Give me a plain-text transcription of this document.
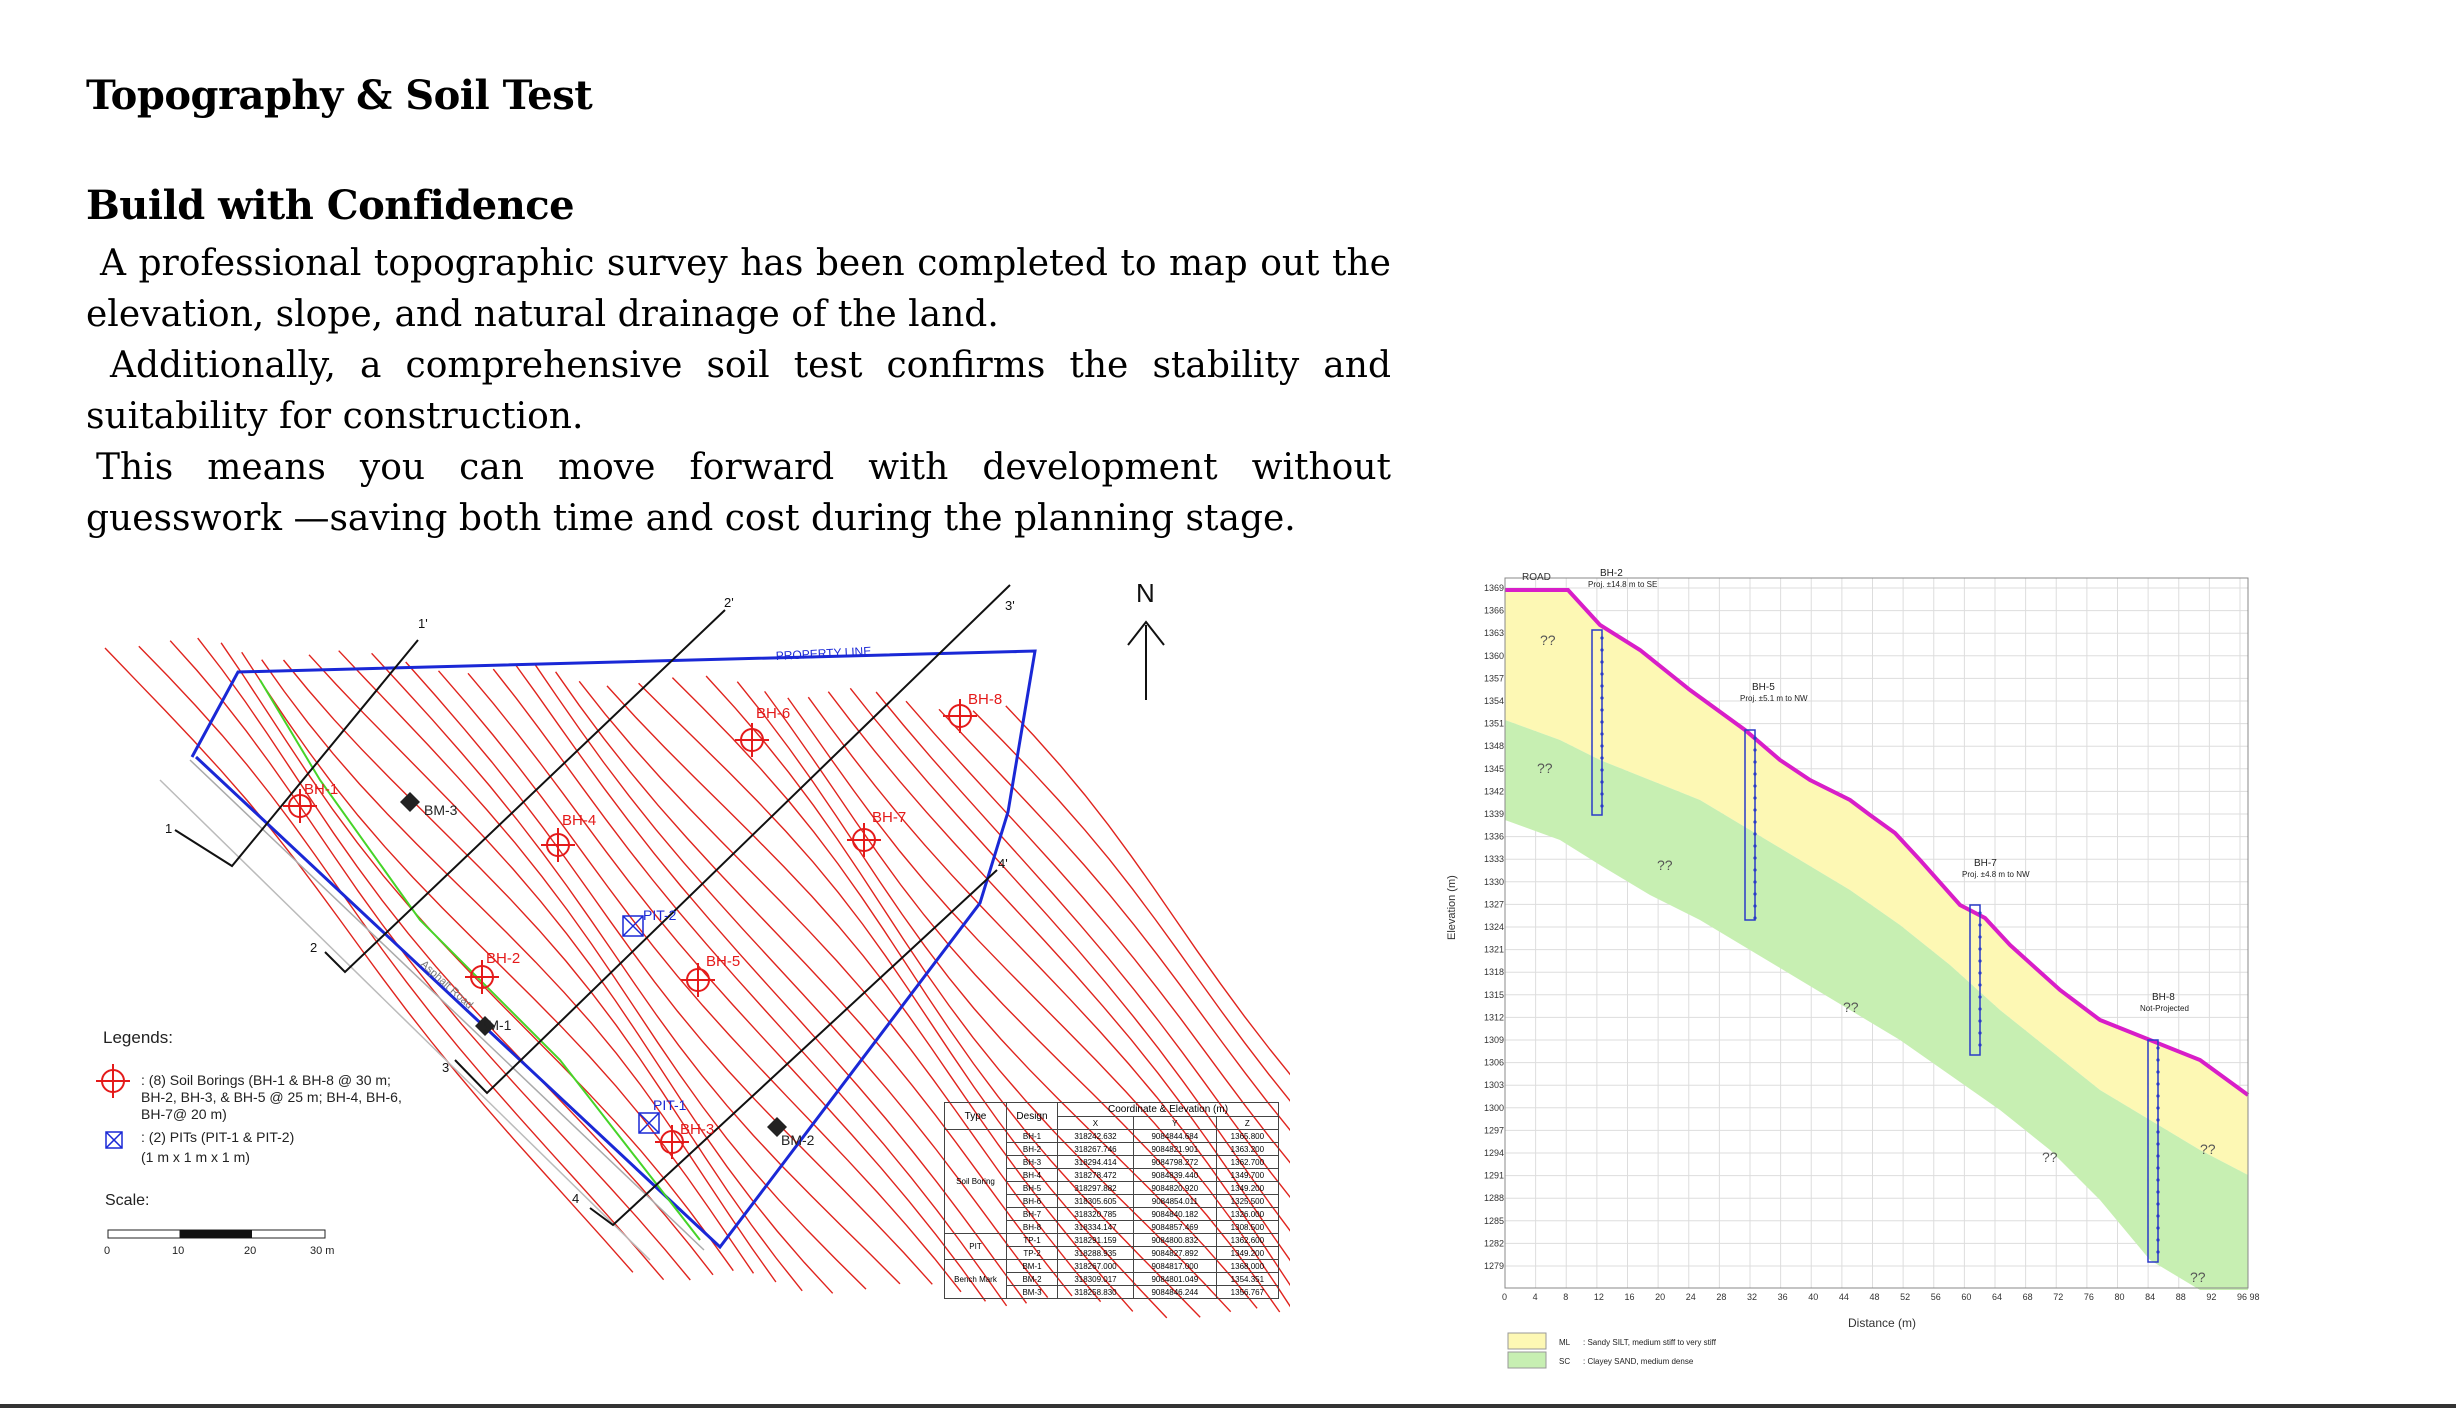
Topography & Soil Test
Build with Confidence

A professional topographic survey has been completed to map out the elevation, slope, and natural drainage of the land.

Additionally, a comprehensive soil test confirms the stability and suitability for construction.

This means you can move forward with development without guesswork —saving both time and cost during the planning stage.

Asphalt Road
1
1'
2
2'
3
3'
4
4'
N
PROPERTY LINE
BH-1
BH-2
BH-3
BH-4
BH-5
BH-6
BH-7
BH-8
PIT-2
PIT-1
BM-3
BM-1
BM-2
Scale:
0	10	20	30 m
Legends:
: (8) Soil Borings (BH-1 & BH-8 @ 30 m;
BH-2, BH-3, & BH-5 @ 25 m; BH-4, BH-6,
BH-7@ 20 m)
: (2) PITs (PIT-1 & PIT-2)
(1 m x 1 m x 1 m)
Type	Design	Coordinate & Elevation (m)		
		X	Y	Z
Soil Boring	BH-1	318242.632	9084844.684	1365.800
	BH-2	318267.746	9084821.901	1363.200
	BH-3	318294.414	9084798.272	1362.700
	BH-4	318278.472	9084839.440	1349.700
	BH-5	318297.882	9084820.920	1349.200
	BH-6	318305.605	9084854.011	1325.500
	BH-7	318320.785	9084840.182	1326.000
	BH-8	318334.147	9084857.469	1308.500
PIT	TP-1	318291.159	9084800.832	1362.600
	TP-2	318288.935	9084827.892	1349.200
Bench Mark	BM-1	318267.000	9084817.000	1368.000
	BM-2	318309.017	9084801.049	1354.351
	BM-3	318258.830	9084846.244	1356.767
1369
1366
1363
1360
1357
1354
1351
1348
1345
1342
1339
1336
1333
1330
1327
1324
1321
1318
1315
1312
1309
1306
1303
1300
1297
1294
1291
1288
1285
1282
1279
0	4	8	12 16 20 24 28 32 36 40 44 48 52 56 60 64 68 72 76 80 84 88 92 96 98
Elevation (m)
Distance (m)
ROAD	BH-2
Proj. ±14.8 m to SE
BH-5
Proj. ±5.1 m to NW
BH-7
Proj. ±4.8 m to NW
BH-8
Not-Projected
??
??
??
??
??	??
??
ML
SC
: Sandy SILT, medium stiff to very stiff
: Clayey SAND, medium dense
